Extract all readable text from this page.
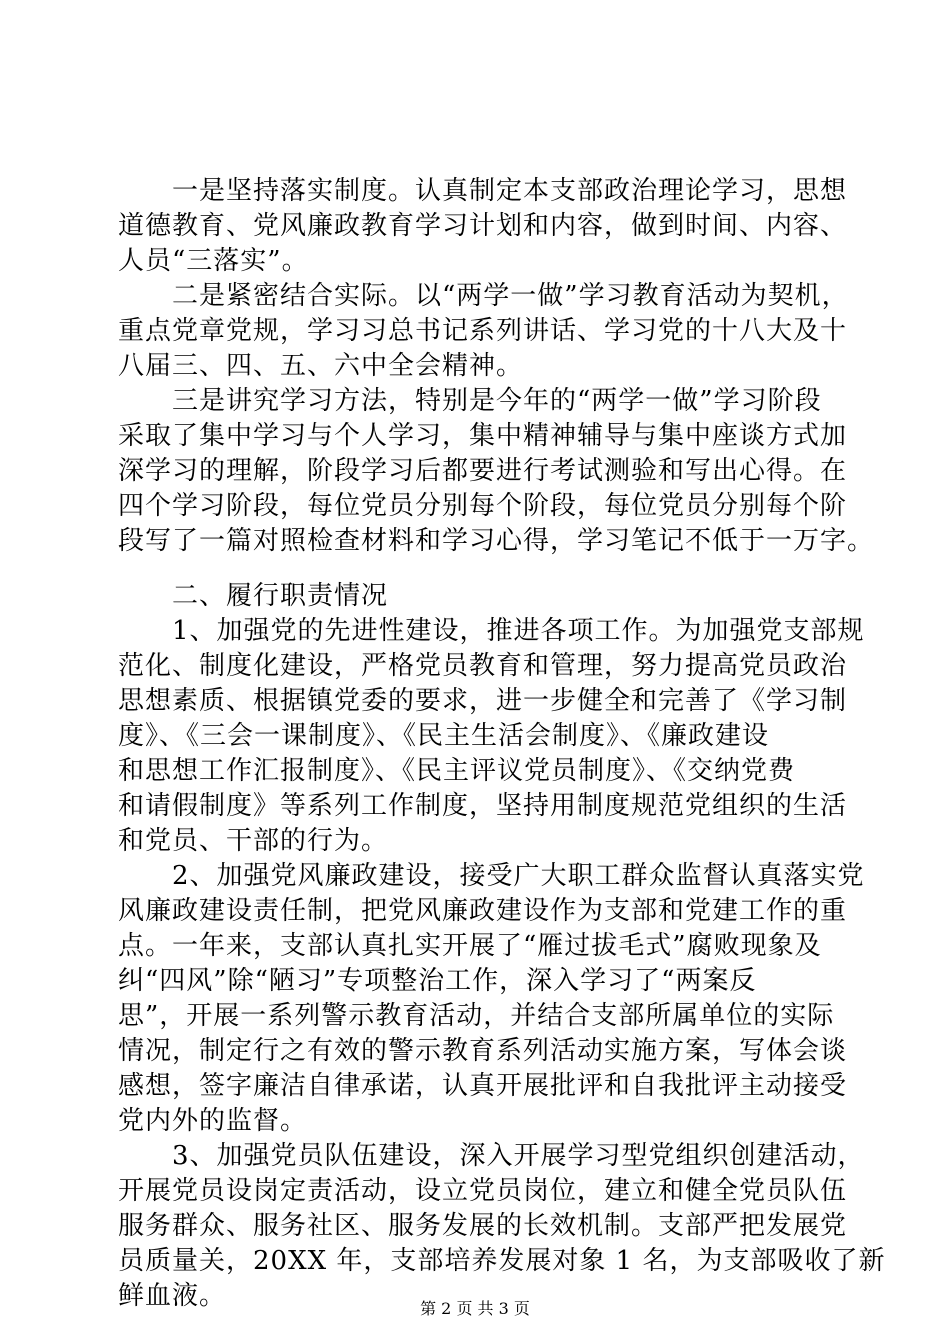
　　一是坚持落实制度。认真制定本支部政治理论学习，思想
道德教育、党风廉政教育学习计划和内容，做到时间、内容、
人员“三落实”。
　　二是紧密结合实际。以“两学一做”学习教育活动为契机，
重点党章党规，学习习总书记系列讲话、学习党的十八大及十
八届三、四、五、六中全会精神。
　　三是讲究学习方法，特别是今年的“两学一做”学习阶段
采取了集中学习与个人学习，集中精神辅导与集中座谈方式加
深学习的理解，阶段学习后都要进行考试测验和写出心得。在
四个学习阶段，每位党员分别每个阶段，每位党员分别每个阶
段写了一篇对照检查材料和学习心得，学习笔记不低于一万字。
　　二、履行职责情况
　　1、加强党的先进性建设，推进各项工作。为加强党支部规
范化、制度化建设，严格党员教育和管理，努力提高党员政治
思想素质、根据镇党委的要求，进一步健全和完善了《学习制
度》、《三会一课制度》、《民主生活会制度》、《廉政建设
和思想工作汇报制度》、《民主评议党员制度》、《交纳党费
和请假制度》等系列工作制度，坚持用制度规范党组织的生活
和党员、干部的行为。
　　2、加强党风廉政建设，接受广大职工群众监督认真落实党
风廉政建设责任制，把党风廉政建设作为支部和党建工作的重
点。一年来，支部认真扎实开展了“雁过拔毛式”腐败现象及
纠“四风”除“陋习”专项整治工作，深入学习了“两案反
思”，开展一系列警示教育活动，并结合支部所属单位的实际
情况，制定行之有效的警示教育系列活动实施方案，写体会谈
感想，签字廉洁自律承诺，认真开展批评和自我批评主动接受
党内外的监督。
　　3、加强党员队伍建设，深入开展学习型党组织创建活动，
开展党员设岗定责活动，设立党员岗位，建立和健全党员队伍
服务群众、服务社区、服务发展的长效机制。支部严把发展党
员质量关，20XX 年，支部培养发展对象 1 名，为支部吸收了新
鲜血液。	第 2 页 共 3 页
